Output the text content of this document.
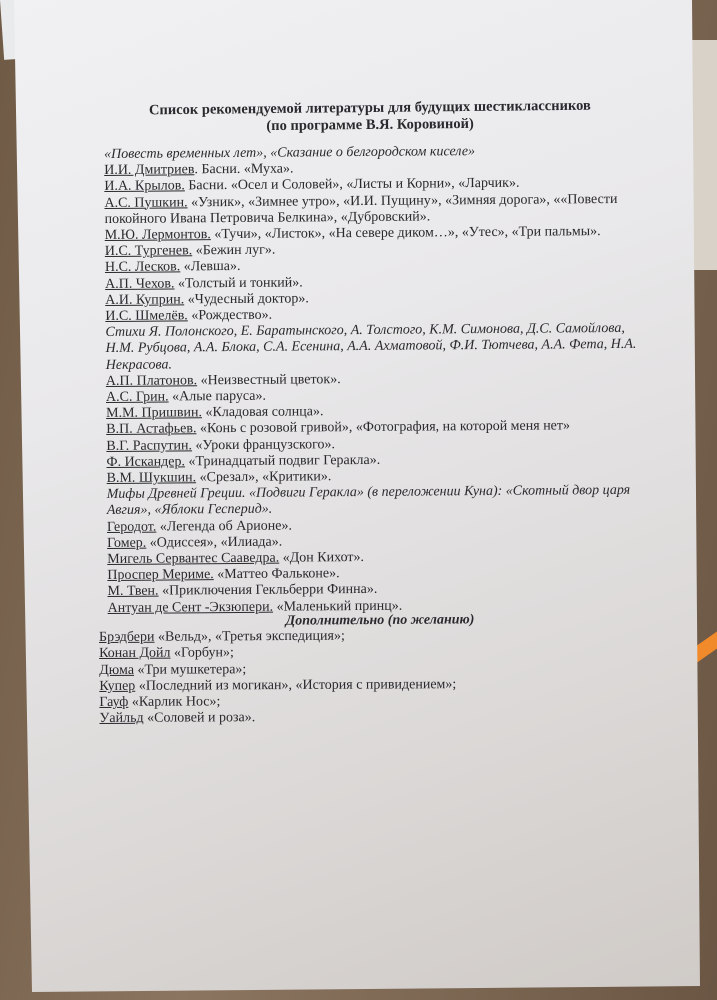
Список рекомендуемой литературы для будущих шестиклассников
(по программе В.Я. Коровиной)
«Повесть временных лет», «Сказание о белгородском киселе»
И.И. Дмитриев. Басни. «Муха».
И.А. Крылов. Басни. «Осел и Соловей», «Листы и Корни», «Ларчик».
А.С. Пушкин. «Узник», «Зимнее утро», «И.И. Пущину», «Зимняя дорога», ««Повести
покойного Ивана Петровича Белкина», «Дубровский».
М.Ю. Лермонтов. «Тучи», «Листок», «На севере диком…», «Утес», «Три пальмы».
И.С. Тургенев. «Бежин луг».
Н.С. Лесков. «Левша».
А.П. Чехов. «Толстый и тонкий».
А.И. Куприн. «Чудесный доктор».
И.С. Шмелёв. «Рождество».
Стихи Я. Полонского, Е. Баратынского, А. Толстого, К.М. Симонова, Д.С. Самойлова,
Н.М. Рубцова, А.А. Блока, С.А. Есенина, А.А. Ахматовой, Ф.И. Тютчева, А.А. Фета, Н.А.
Некрасова.
А.П. Платонов. «Неизвестный цветок».
А.С. Грин. «Алые паруса».
М.М. Пришвин. «Кладовая солнца».
В.П. Астафьев. «Конь с розовой гривой», «Фотография, на которой меня нет»
В.Г. Распутин. «Уроки французского».
Ф. Искандер. «Тринадцатый подвиг Геракла».
В.М. Шукшин. «Срезал», «Критики».
Мифы Древней Греции. «Подвиги Геракла» (в переложении Куна): «Скотный двор царя
Авгия», «Яблоки Гесперид».
Геродот. «Легенда об Арионе».
Гомер. «Одиссея», «Илиада».
Мигель Сервантес Сааведра. «Дон Кихот».
Проспер Мериме. «Маттео Фальконе».
М. Твен. «Приключения Гекльберри Финна».
Антуан де Сент -Экзюпери. «Маленький принц».
Дополнительно (по желанию)
Брэдбери «Вельд», «Третья экспедиция»;
Конан Дойл «Горбун»;
Дюма «Три мушкетера»;
Купер «Последний из могикан», «История с привидением»;
Гауф «Карлик Нос»;
Уайльд «Соловей и роза».
